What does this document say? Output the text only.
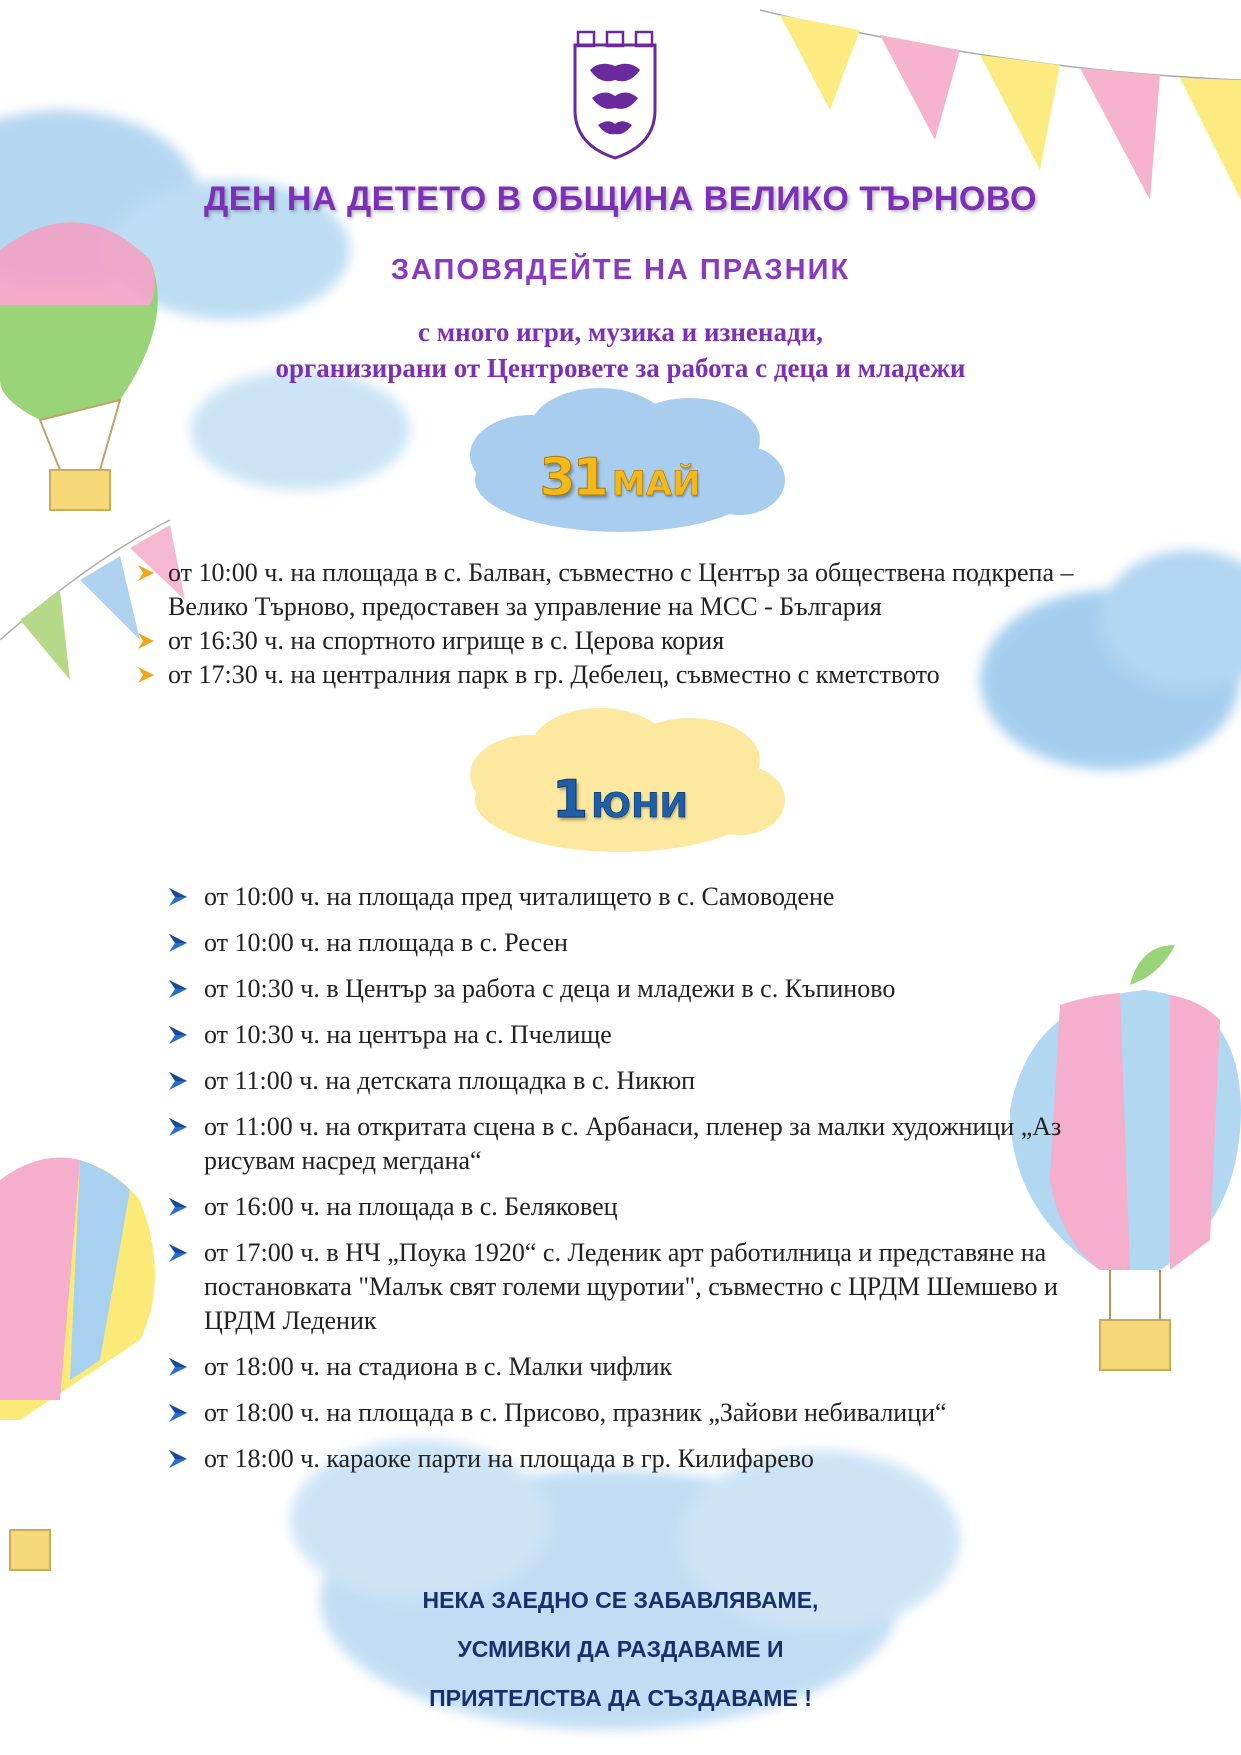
ДЕН НА ДЕТЕТО В ОБЩИНА ВЕЛИКО ТЪРНОВО
ЗАПОВЯДЕЙТЕ НА ПРАЗНИК
с много игри, музика и изненади,
организирани от Центровете за работа с деца и младежи
31 МАЙ
от 10:00 ч. на площада в с. Балван, съвместно с Център за обществена подкрепа – Велико Търново, предоставен за управление на МСС - България
от 16:30 ч. на спортното игрище в с. Церова кория
от 17:30 ч. на централния парк в гр. Дебелец, съвместно с кметството
1 ЮНИ
от 10:00 ч. на площада пред читалището в с. Самоводене
от 10:00 ч. на площада в с. Ресен
от 10:30 ч. в Център за работа с деца и младежи в с. Къпиново
от 10:30 ч. на центъра на с. Пчелище
от 11:00 ч. на детската площадка в с. Никюп
от 11:00 ч. на откритата сцена в с. Арбанаси, пленер за малки художници „Аз рисувам насред мегдана“
от 16:00 ч. на площада в с. Беляковец
от 17:00 ч. в НЧ „Поука 1920“ с. Леденик арт работилница и представяне на постановката "Малък свят големи щуротии", съвместно с ЦРДМ Шемшево и ЦРДМ Леденик
от 18:00 ч. на стадиона в с. Малки чифлик
от 18:00 ч. на площада в с. Присово, празник „Зайови небивалици“
от 18:00 ч. караоке парти на площада в гр. Килифарево
НЕКА ЗАЕДНО СЕ ЗАБАВЛЯВАМЕ,
УСМИВКИ ДА РАЗДАВАМЕ И
ПРИЯТЕЛСТВА ДА СЪЗДАВАМЕ !
